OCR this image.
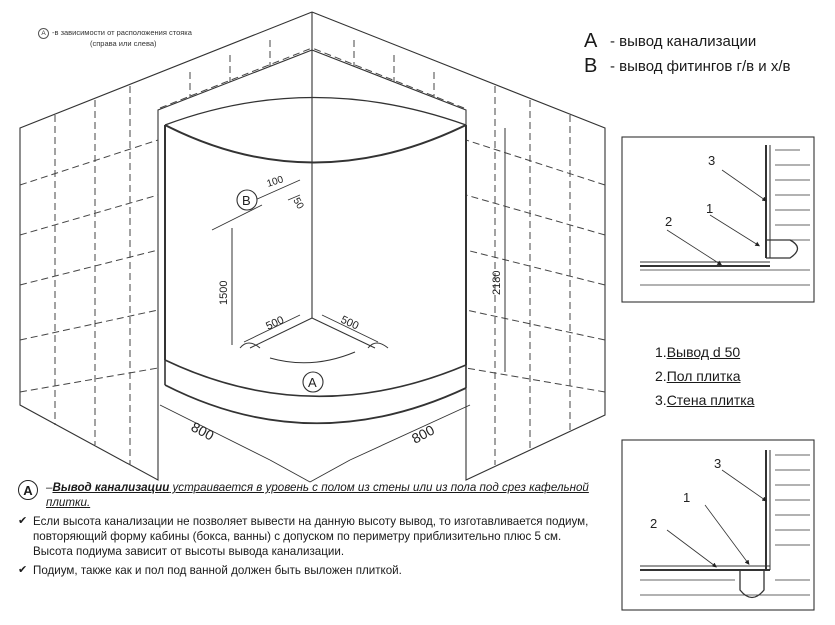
A -в зависимости от расположения стояка
(справа или слева)	A - вывод канализации
B - вывод фитингов г/в и х/в
B
A
100
50
1500	2180
500	500
800	800
3
1
2
3
1
2
1.Вывод d 50
2.Пол плитка
3.Стена плитка
A	–Вывод канализации устраивается в уровень с полом из стены или из пола под срез кафельной плитки.
✔ Если высота канализации не позволяет вывести на данную высоту вывод, то изготавливается подиум, повторяющий форму кабины (бокса, ванны) с допуском по периметру приблизительно плюс 5 см. Высота подиума зависит от высоты вывода канализации.
✔ Подиум, также как и пол под ванной должен быть выложен плиткой.
